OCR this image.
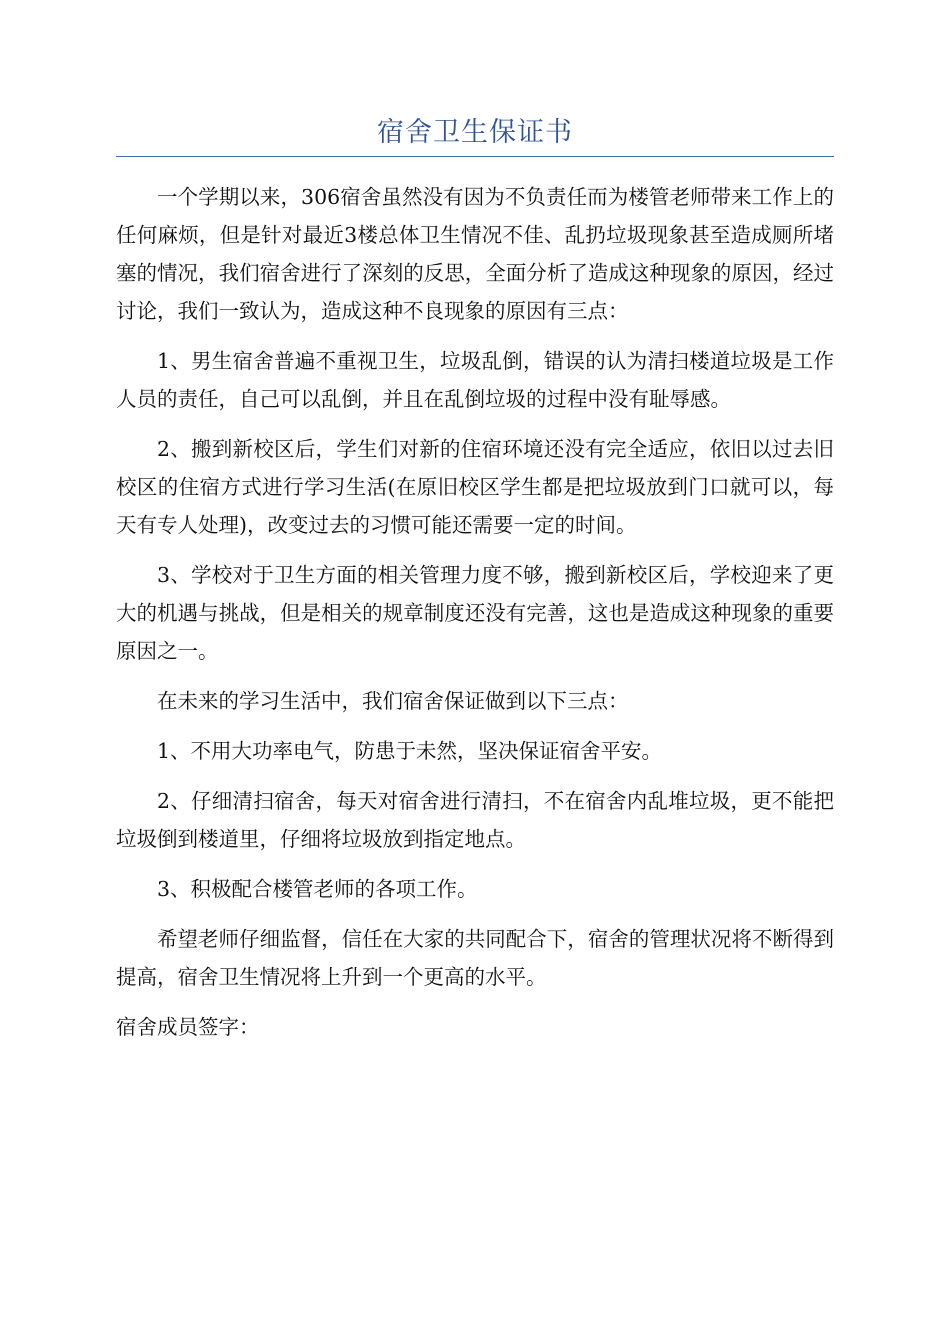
宿舍卫生保证书

一个学期以来，306宿舍虽然没有因为不负责任而为楼管老师带来工作上的任何麻烦，但是针对最近3楼总体卫生情况不佳、乱扔垃圾现象甚至造成厕所堵塞的情况，我们宿舍进行了深刻的反思，全面分析了造成这种现象的原因，经过讨论，我们一致认为，造成这种不良现象的原因有三点：

1、男生宿舍普遍不重视卫生，垃圾乱倒，错误的认为清扫楼道垃圾是工作人员的责任，自己可以乱倒，并且在乱倒垃圾的过程中没有耻辱感。

2、搬到新校区后，学生们对新的住宿环境还没有完全适应，依旧以过去旧校区的住宿方式进行学习生活(在原旧校区学生都是把垃圾放到门口就可以，每天有专人处理)，改变过去的习惯可能还需要一定的时间。

3、学校对于卫生方面的相关管理力度不够，搬到新校区后，学校迎来了更大的机遇与挑战，但是相关的规章制度还没有完善，这也是造成这种现象的重要原因之一。

在未来的学习生活中，我们宿舍保证做到以下三点：

1、不用大功率电气，防患于未然，坚决保证宿舍平安。

2、仔细清扫宿舍，每天对宿舍进行清扫，不在宿舍内乱堆垃圾，更不能把垃圾倒到楼道里，仔细将垃圾放到指定地点。

3、积极配合楼管老师的各项工作。

希望老师仔细监督，信任在大家的共同配合下，宿舍的管理状况将不断得到提高，宿舍卫生情况将上升到一个更高的水平。

宿舍成员签字：
